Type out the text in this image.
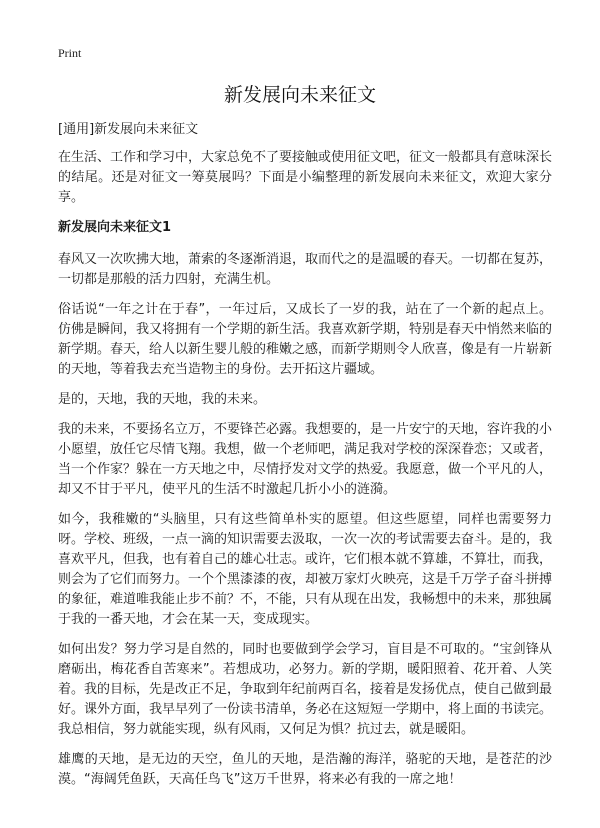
Print
新发展向未来征文

[通用]新发展向未来征文

在生活、工作和学习中，大家总免不了要接触或使用征文吧，征文一般都具有意味深长的结尾。还是对征文一筹莫展吗？下面是小编整理的新发展向未来征文，欢迎大家分享。

新发展向未来征文1

春风又一次吹拂大地，萧索的冬逐渐消退，取而代之的是温暖的春天。一切都在复苏，一切都是那般的活力四射，充满生机。

俗话说“一年之计在于春”，一年过后，又成长了一岁的我，站在了一个新的起点上。仿佛是瞬间，我又将拥有一个学期的新生活。我喜欢新学期，特别是春天中悄然来临的新学期。春天，给人以新生婴儿般的稚嫩之感，而新学期则令人欣喜，像是有一片崭新的天地，等着我去充当造物主的身份。去开拓这片疆域。

是的，天地，我的天地，我的未来。

我的未来，不要扬名立万，不要锋芒必露。我想要的，是一片安宁的天地，容许我的小小愿望，放任它尽情飞翔。我想，做一个老师吧，满足我对学校的深深眷恋；又或者，当一个作家？躲在一方天地之中，尽情抒发对文学的热爱。我愿意，做一个平凡的人，却又不甘于平凡，使平凡的生活不时激起几折小小的涟漪。

如今，我稚嫩的“头脑里，只有这些简单朴实的愿望。但这些愿望，同样也需要努力呀。学校、班级，一点一滴的知识需要去汲取，一次一次的考试需要去奋斗。是的，我喜欢平凡，但我，也有着自己的雄心壮志。或许，它们根本就不算雄，不算壮，而我，则会为了它们而努力。一个个黑漆漆的夜，却被万家灯火映亮，这是千万学子奋斗拼搏的象征，难道唯我能止步不前？不，不能，只有从现在出发，我畅想中的未来，那独属于我的一番天地，才会在某一天，变成现实。

如何出发？努力学习是自然的，同时也要做到学会学习，盲目是不可取的。“宝剑锋从磨砺出，梅花香自苦寒来”。若想成功，必努力。新的学期，暖阳照着、花开着、人笑着。我的目标，先是改正不足，争取到年纪前两百名，接着是发扬优点，使自己做到最好。课外方面，我早早列了一份读书清单，务必在这短短一学期中，将上面的书读完。我总相信，努力就能实现，纵有风雨，又何足为惧？抗过去，就是暖阳。

雄鹰的天地，是无边的天空，鱼儿的天地，是浩瀚的海洋，骆驼的天地，是苍茫的沙漠。“海阔凭鱼跃，天高任鸟飞”这万千世界，将来必有我的一席之地！
